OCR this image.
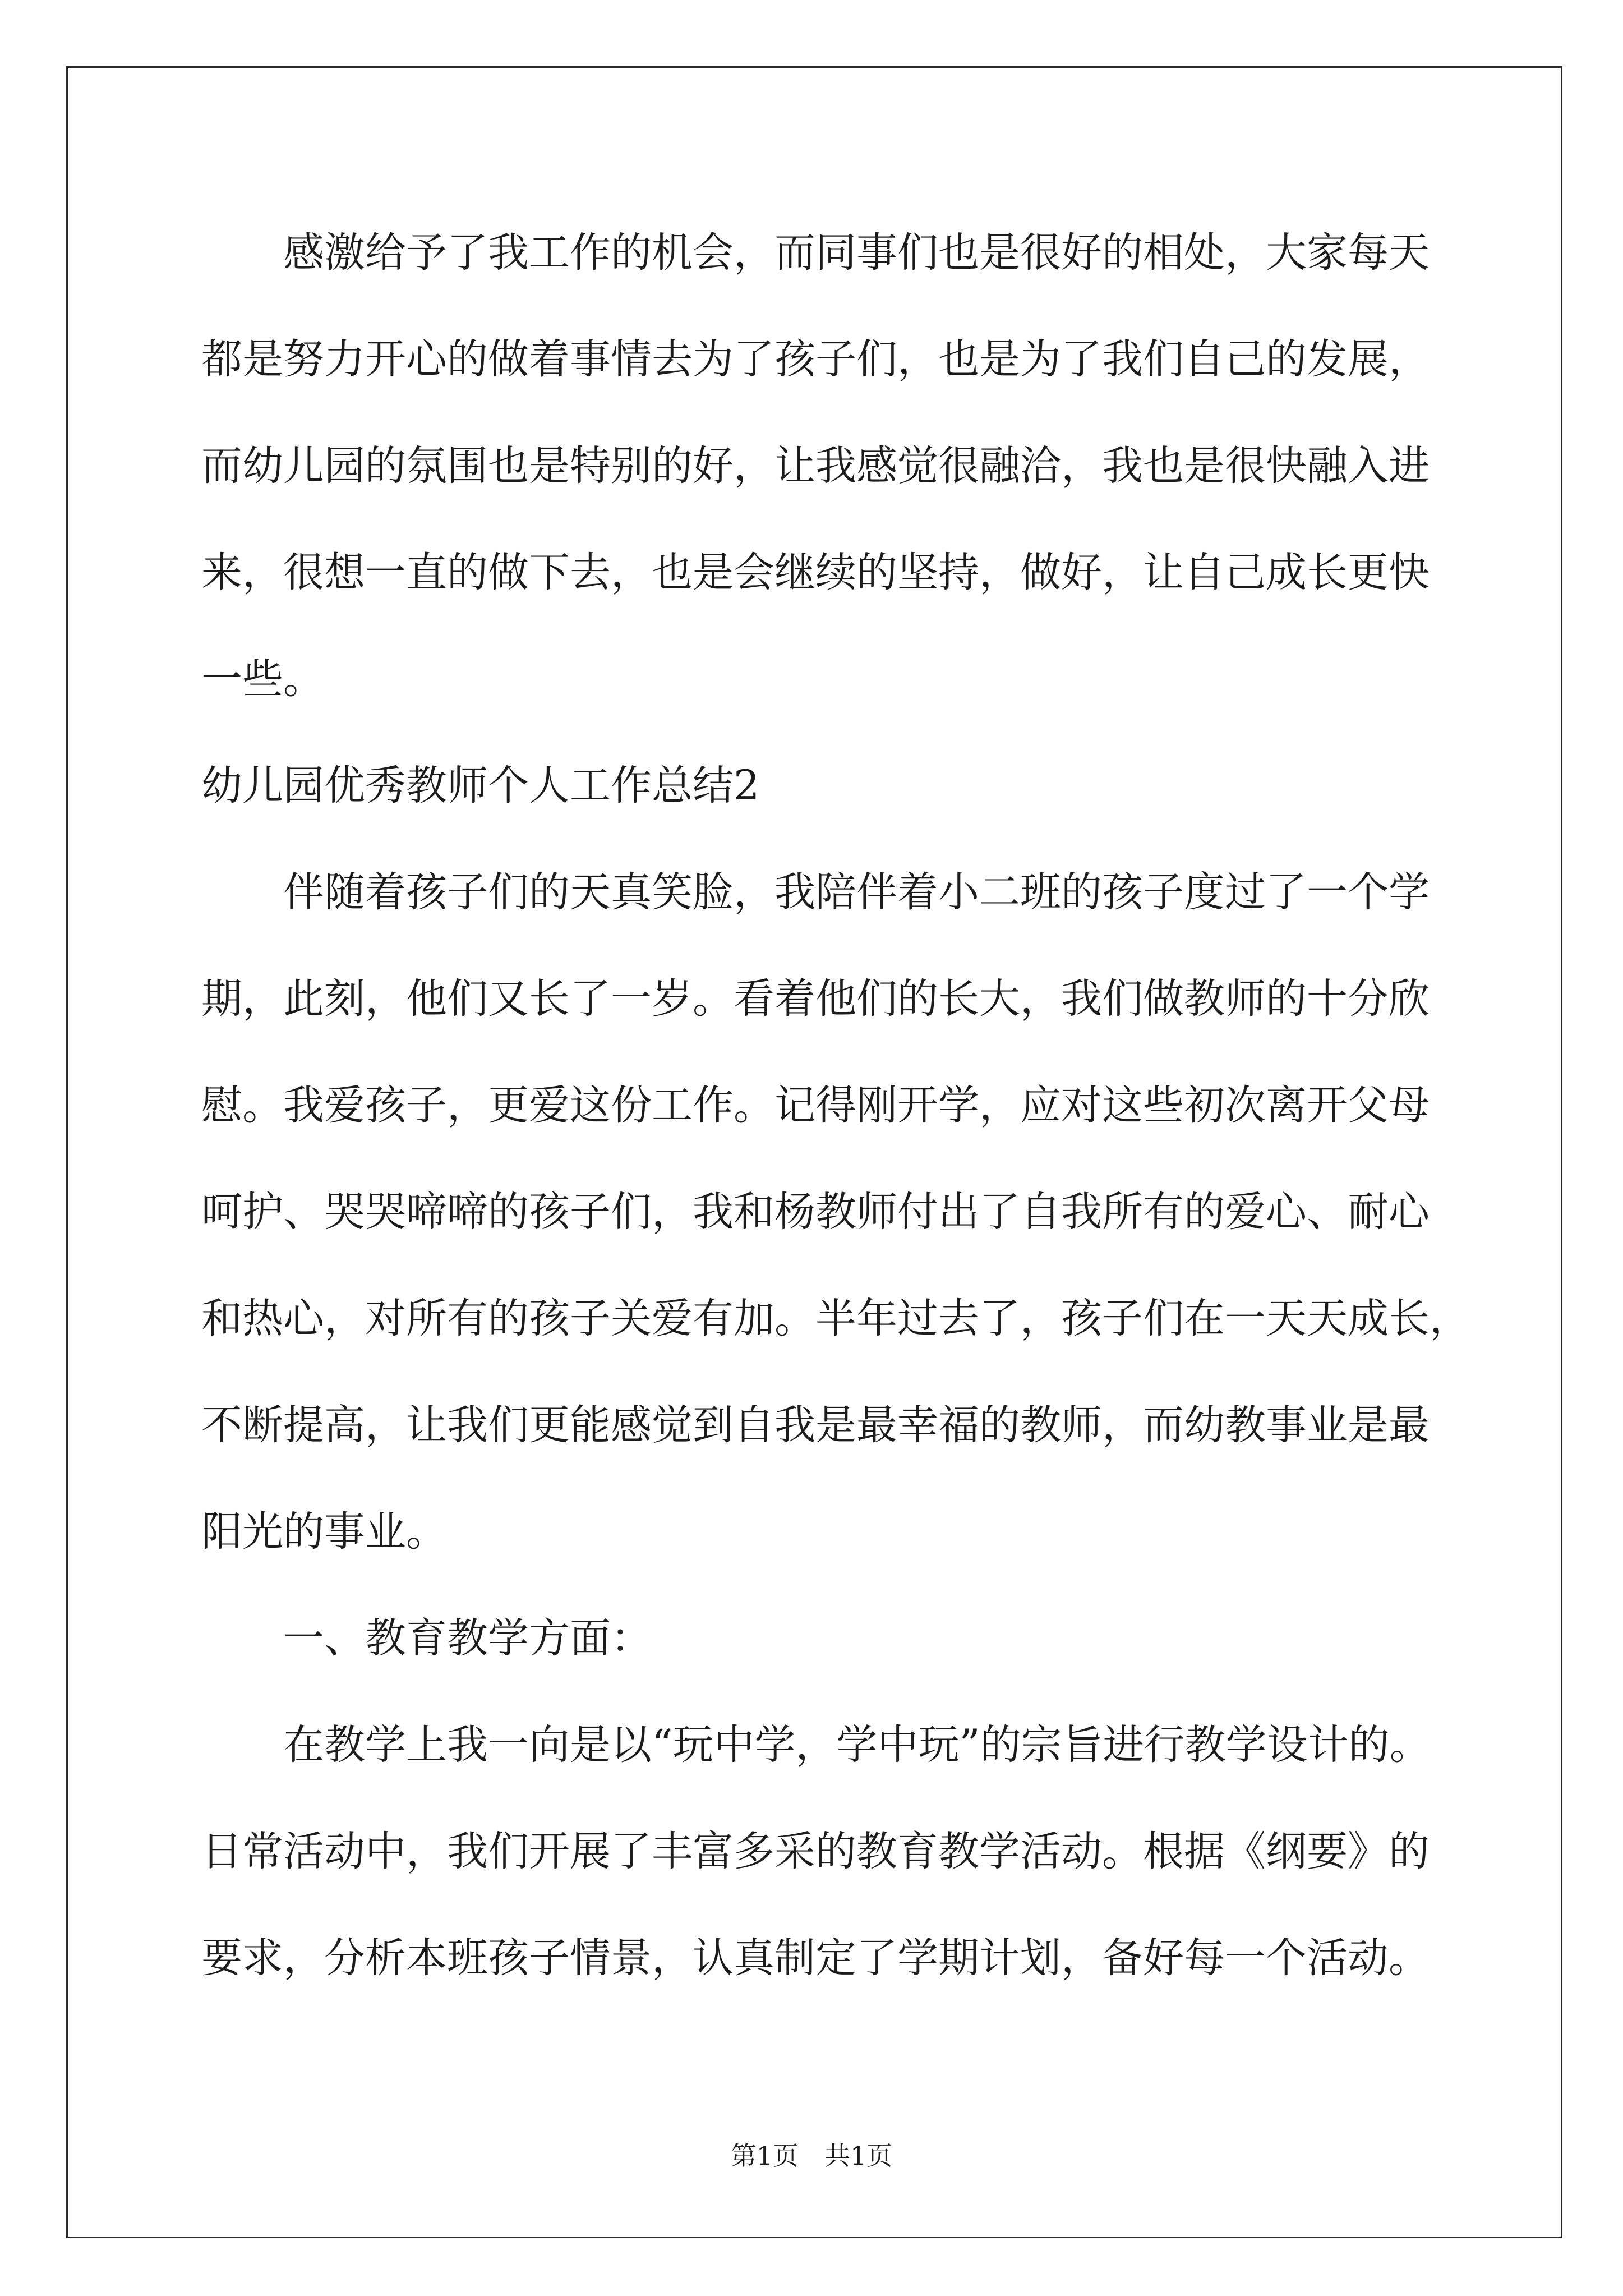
感激给予了我工作的机会，而同事们也是很好的相处，大家每天
都是努力开心的做着事情去为了孩子们，也是为了我们自己的发展，
而幼儿园的氛围也是特别的好，让我感觉很融洽，我也是很快融入进
来，很想一直的做下去，也是会继续的坚持，做好，让自己成长更快
一些。
幼儿园优秀教师个人工作总结2
伴随着孩子们的天真笑脸，我陪伴着小二班的孩子度过了一个学
期，此刻，他们又长了一岁。看着他们的长大，我们做教师的十分欣
慰。我爱孩子，更爱这份工作。记得刚开学，应对这些初次离开父母
呵护、哭哭啼啼的孩子们，我和杨教师付出了自我所有的爱心、耐心
和热心，对所有的孩子关爱有加。半年过去了，孩子们在一天天成长，
不断提高，让我们更能感觉到自我是最幸福的教师，而幼教事业是最
阳光的事业。
一、教育教学方面：
在教学上我一向是以“玩中学，学中玩”的宗旨进行教学设计的。
日常活动中，我们开展了丰富多采的教育教学活动。根据《纲要》的
要求，分析本班孩子情景，认真制定了学期计划，备好每一个活动。
第1页　共1页
